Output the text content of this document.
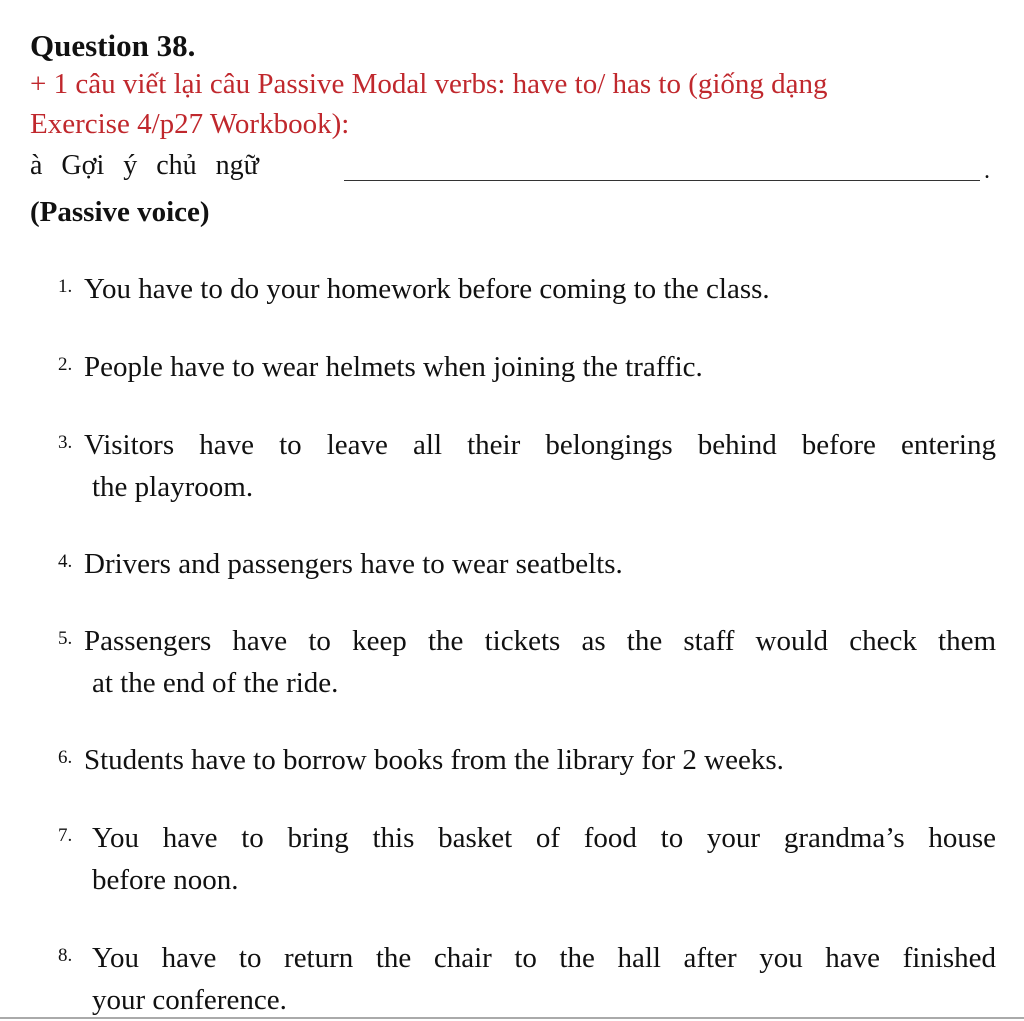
Question 38.
+ 1 câu viết lại câu Passive Modal verbs: have to/ has to (giống dạng
Exercise 4/p27 Workbook):
à Gợi ý chủ ngữ	.
(Passive voice)
1. You have to do your homework before coming to the class.
2. People have to wear helmets when joining the traffic.
3. Visitors have to leave all their belongings behind before entering
the playroom.
4. Drivers and passengers have to wear seatbelts.
5. Passengers have to keep the tickets as the staff would check them
at the end of the ride.
6. Students have to borrow books from the library for 2 weeks.
7. You have to bring this basket of food to your grandma’s house
before noon.
8. You have to return the chair to the hall after you have finished
your conference.
